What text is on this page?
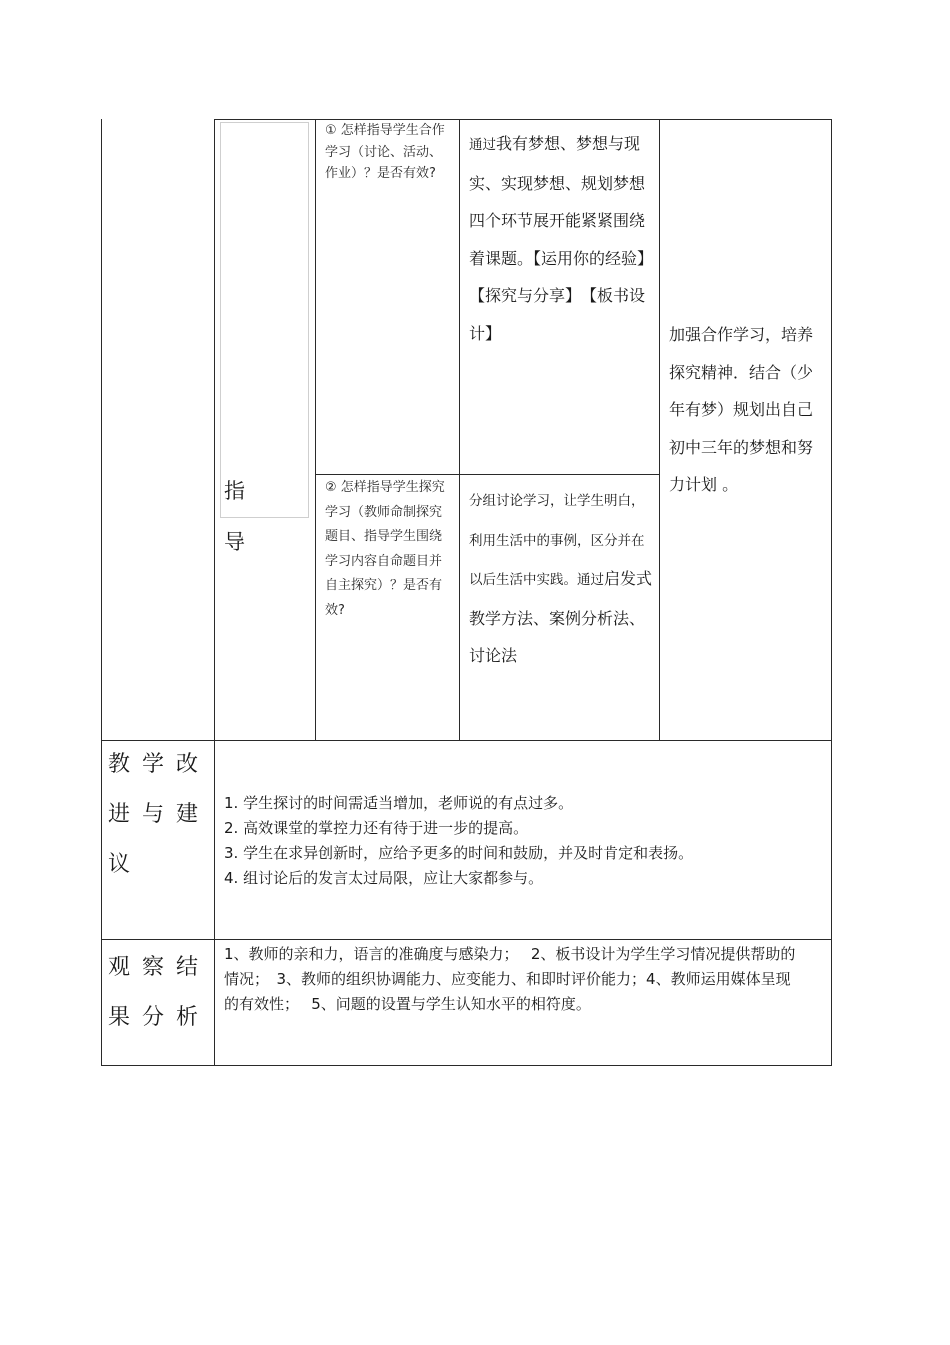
指
导
① 怎样指导学生合作学习（讨论、活动、作业）？是否有效?
通过我有梦想、梦想与现实、实现梦想、规划梦想四个环节展开能紧紧围绕着课题。【运用你的经验】【探究与分享】　【板书设计】
② 怎样指导学生探究学习（教师命制探究题目、指导学生围绕学习内容自命题目并自主探究）？是否有效?
分组讨论学习，让学生明白，利用生活中的事例，区分并在以后生活中实践。通过启发式教学方法、案例分析法、讨论法
加强合作学习，培养探究精神．结合（少年有梦）规划出自己初中三年的梦想和努力计划 。
教学改
进与建
议
1. 学生探讨的时间需适当增加，老师说的有点过多。
2. 高效课堂的掌控力还有待于进一步的提高。
3. 学生在求异创新时，应给予更多的时间和鼓励，并及时肯定和表扬。
4. 组讨论后的发言太过局限，应让大家都参与。
观察结
果分析
1、教师的亲和力，语言的准确度与感染力；　 2、板书设计为学生学习情况提供帮助的情况；　3、教师的组织协调能力、应变能力、和即时评价能力；4、教师运用媒体呈现的有效性；　 5、问题的设置与学生认知水平的相符度。
